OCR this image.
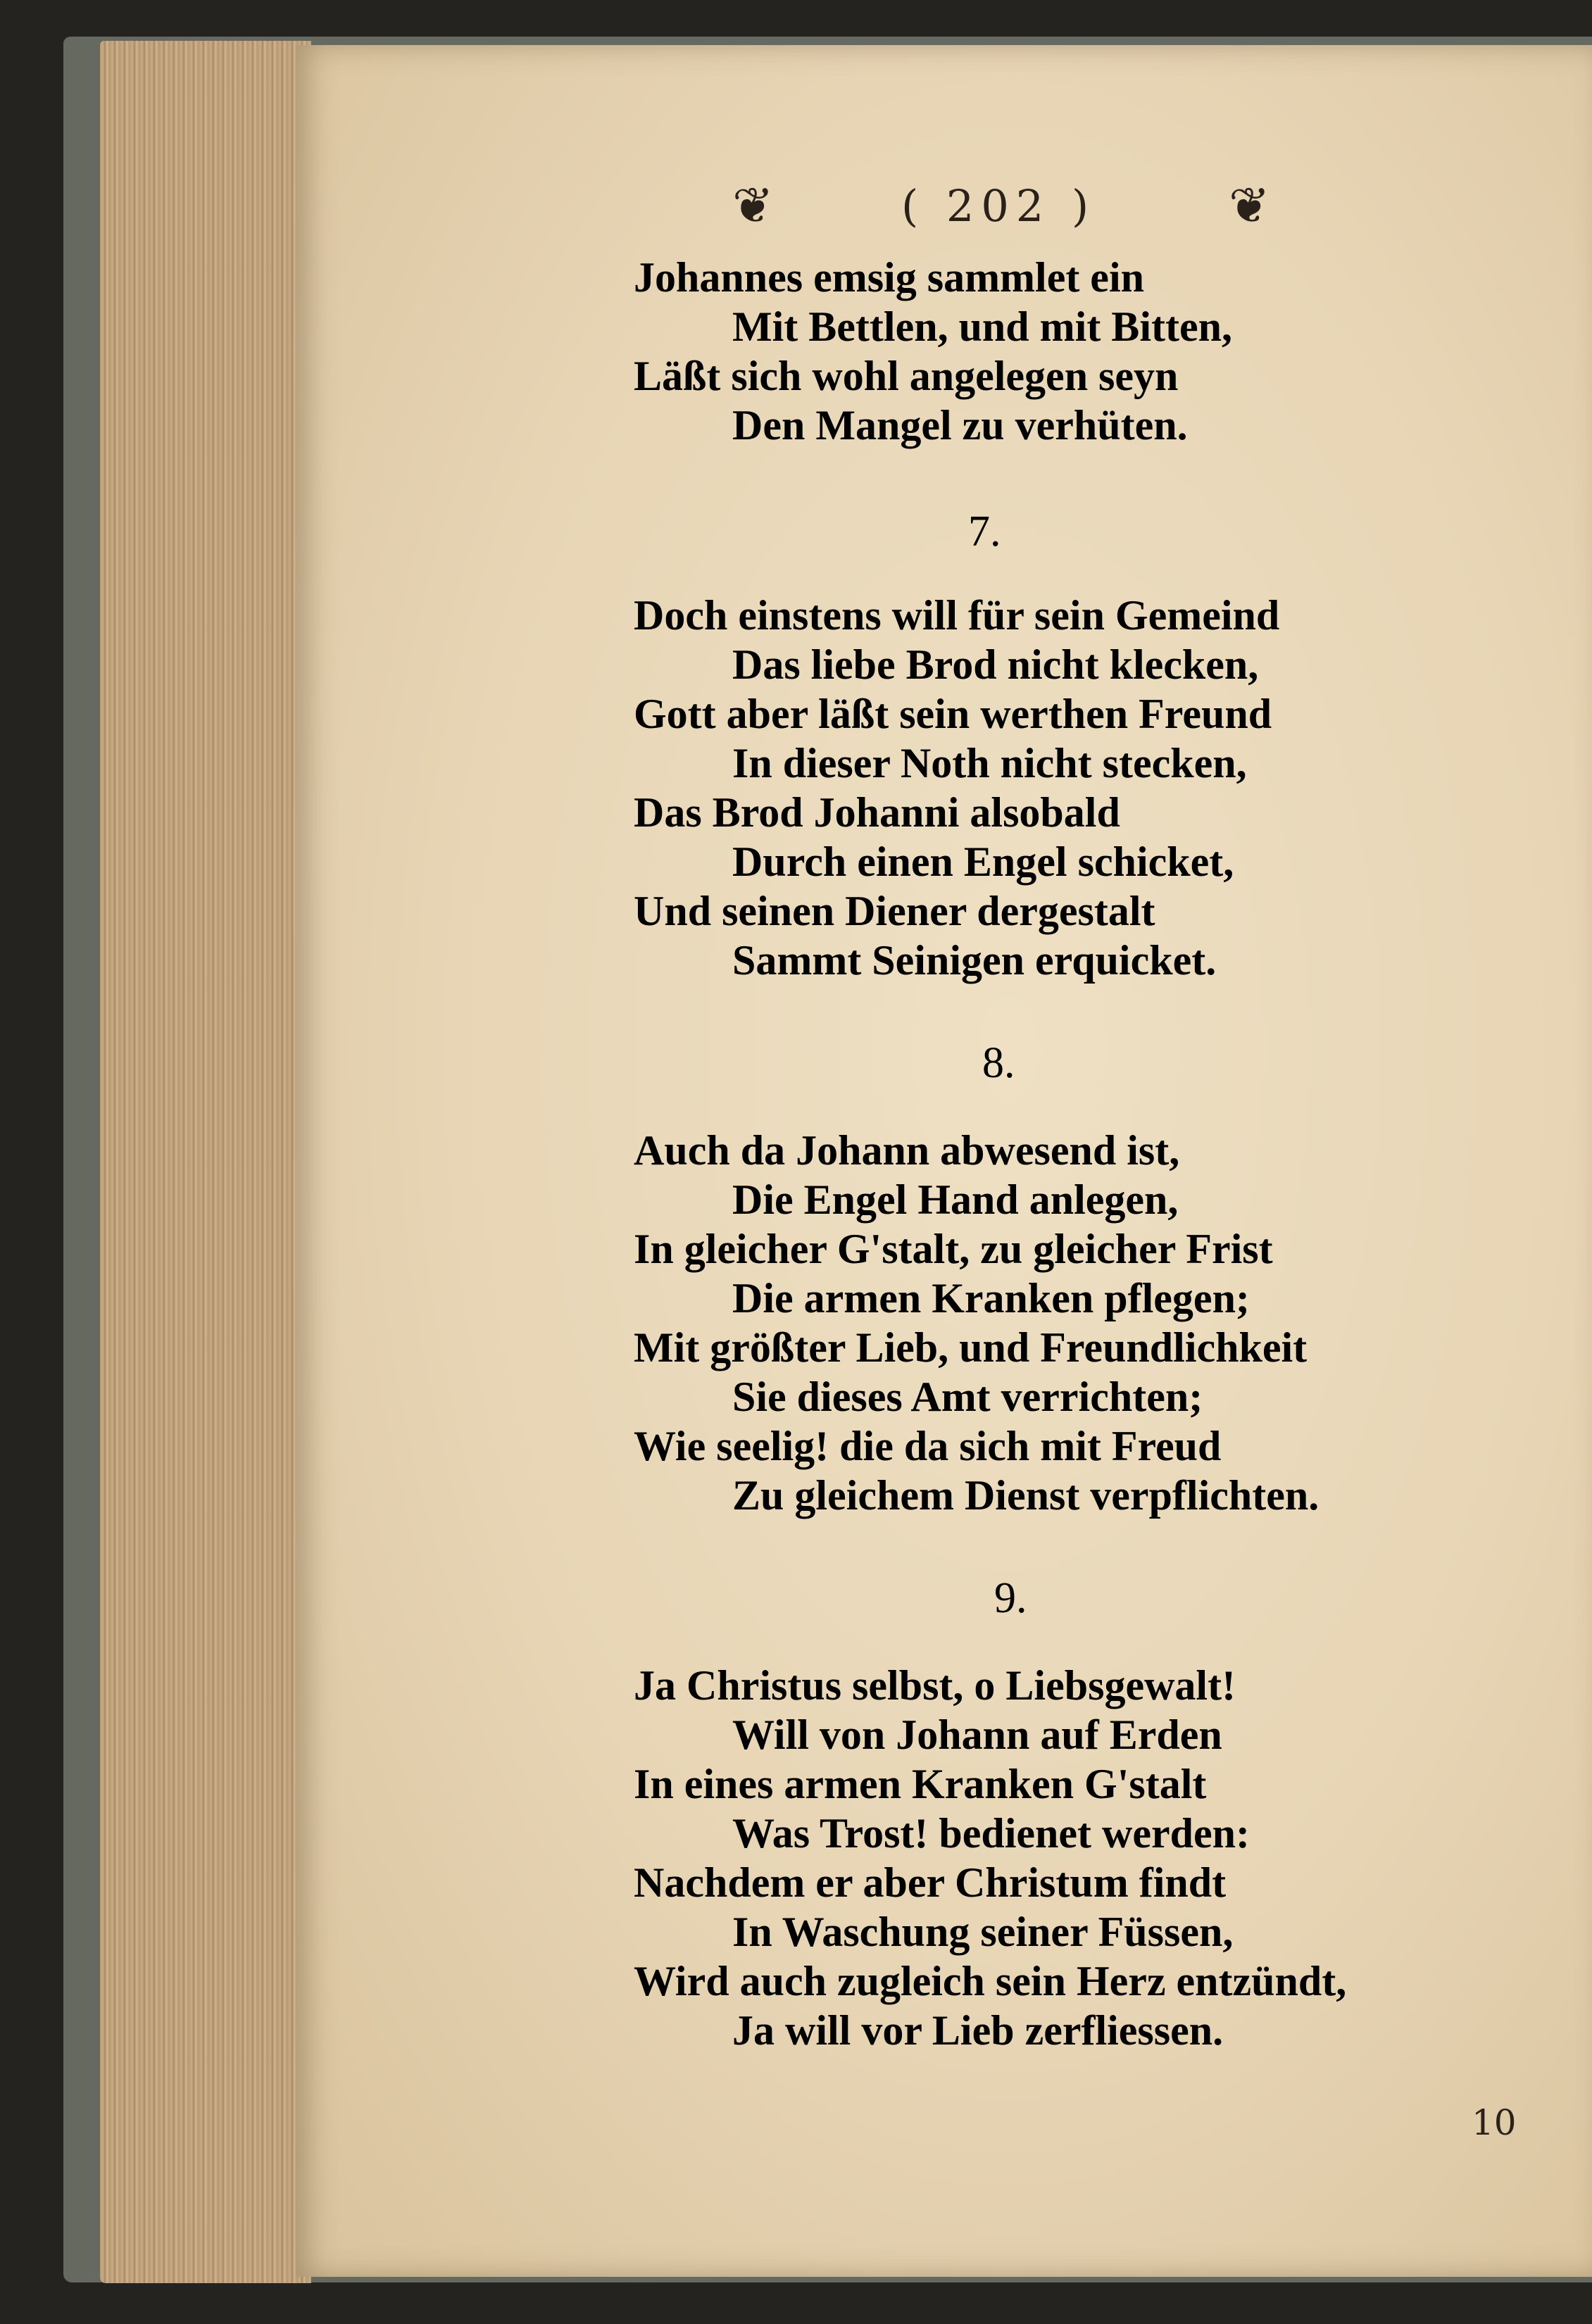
❦	( 202 )	❦
Johannes emsig sammlet ein
Mit Bettlen, und mit Bitten,
Läßt sich wohl angelegen seyn
Den Mangel zu verhüten.
7.
Doch einstens will für sein Gemeind
Das liebe Brod nicht klecken,
Gott aber läßt sein werthen Freund
In dieser Noth nicht stecken,
Das Brod Johanni alsobald
Durch einen Engel schicket,
Und seinen Diener dergestalt
Sammt Seinigen erquicket.
8.
Auch da Johann abwesend ist,
Die Engel Hand anlegen,
In gleicher G'stalt, zu gleicher Frist
Die armen Kranken pflegen;
Mit größter Lieb, und Freundlichkeit
Sie dieses Amt verrichten;
Wie seelig! die da sich mit Freud
Zu gleichem Dienst verpflichten.
9.
Ja Christus selbst, o Liebsgewalt!
Will von Johann auf Erden
In eines armen Kranken G'stalt
Was Trost! bedienet werden:
Nachdem er aber Christum findt
In Waschung seiner Füssen,
Wird auch zugleich sein Herz entzündt,
Ja will vor Lieb zerfliessen.
10
